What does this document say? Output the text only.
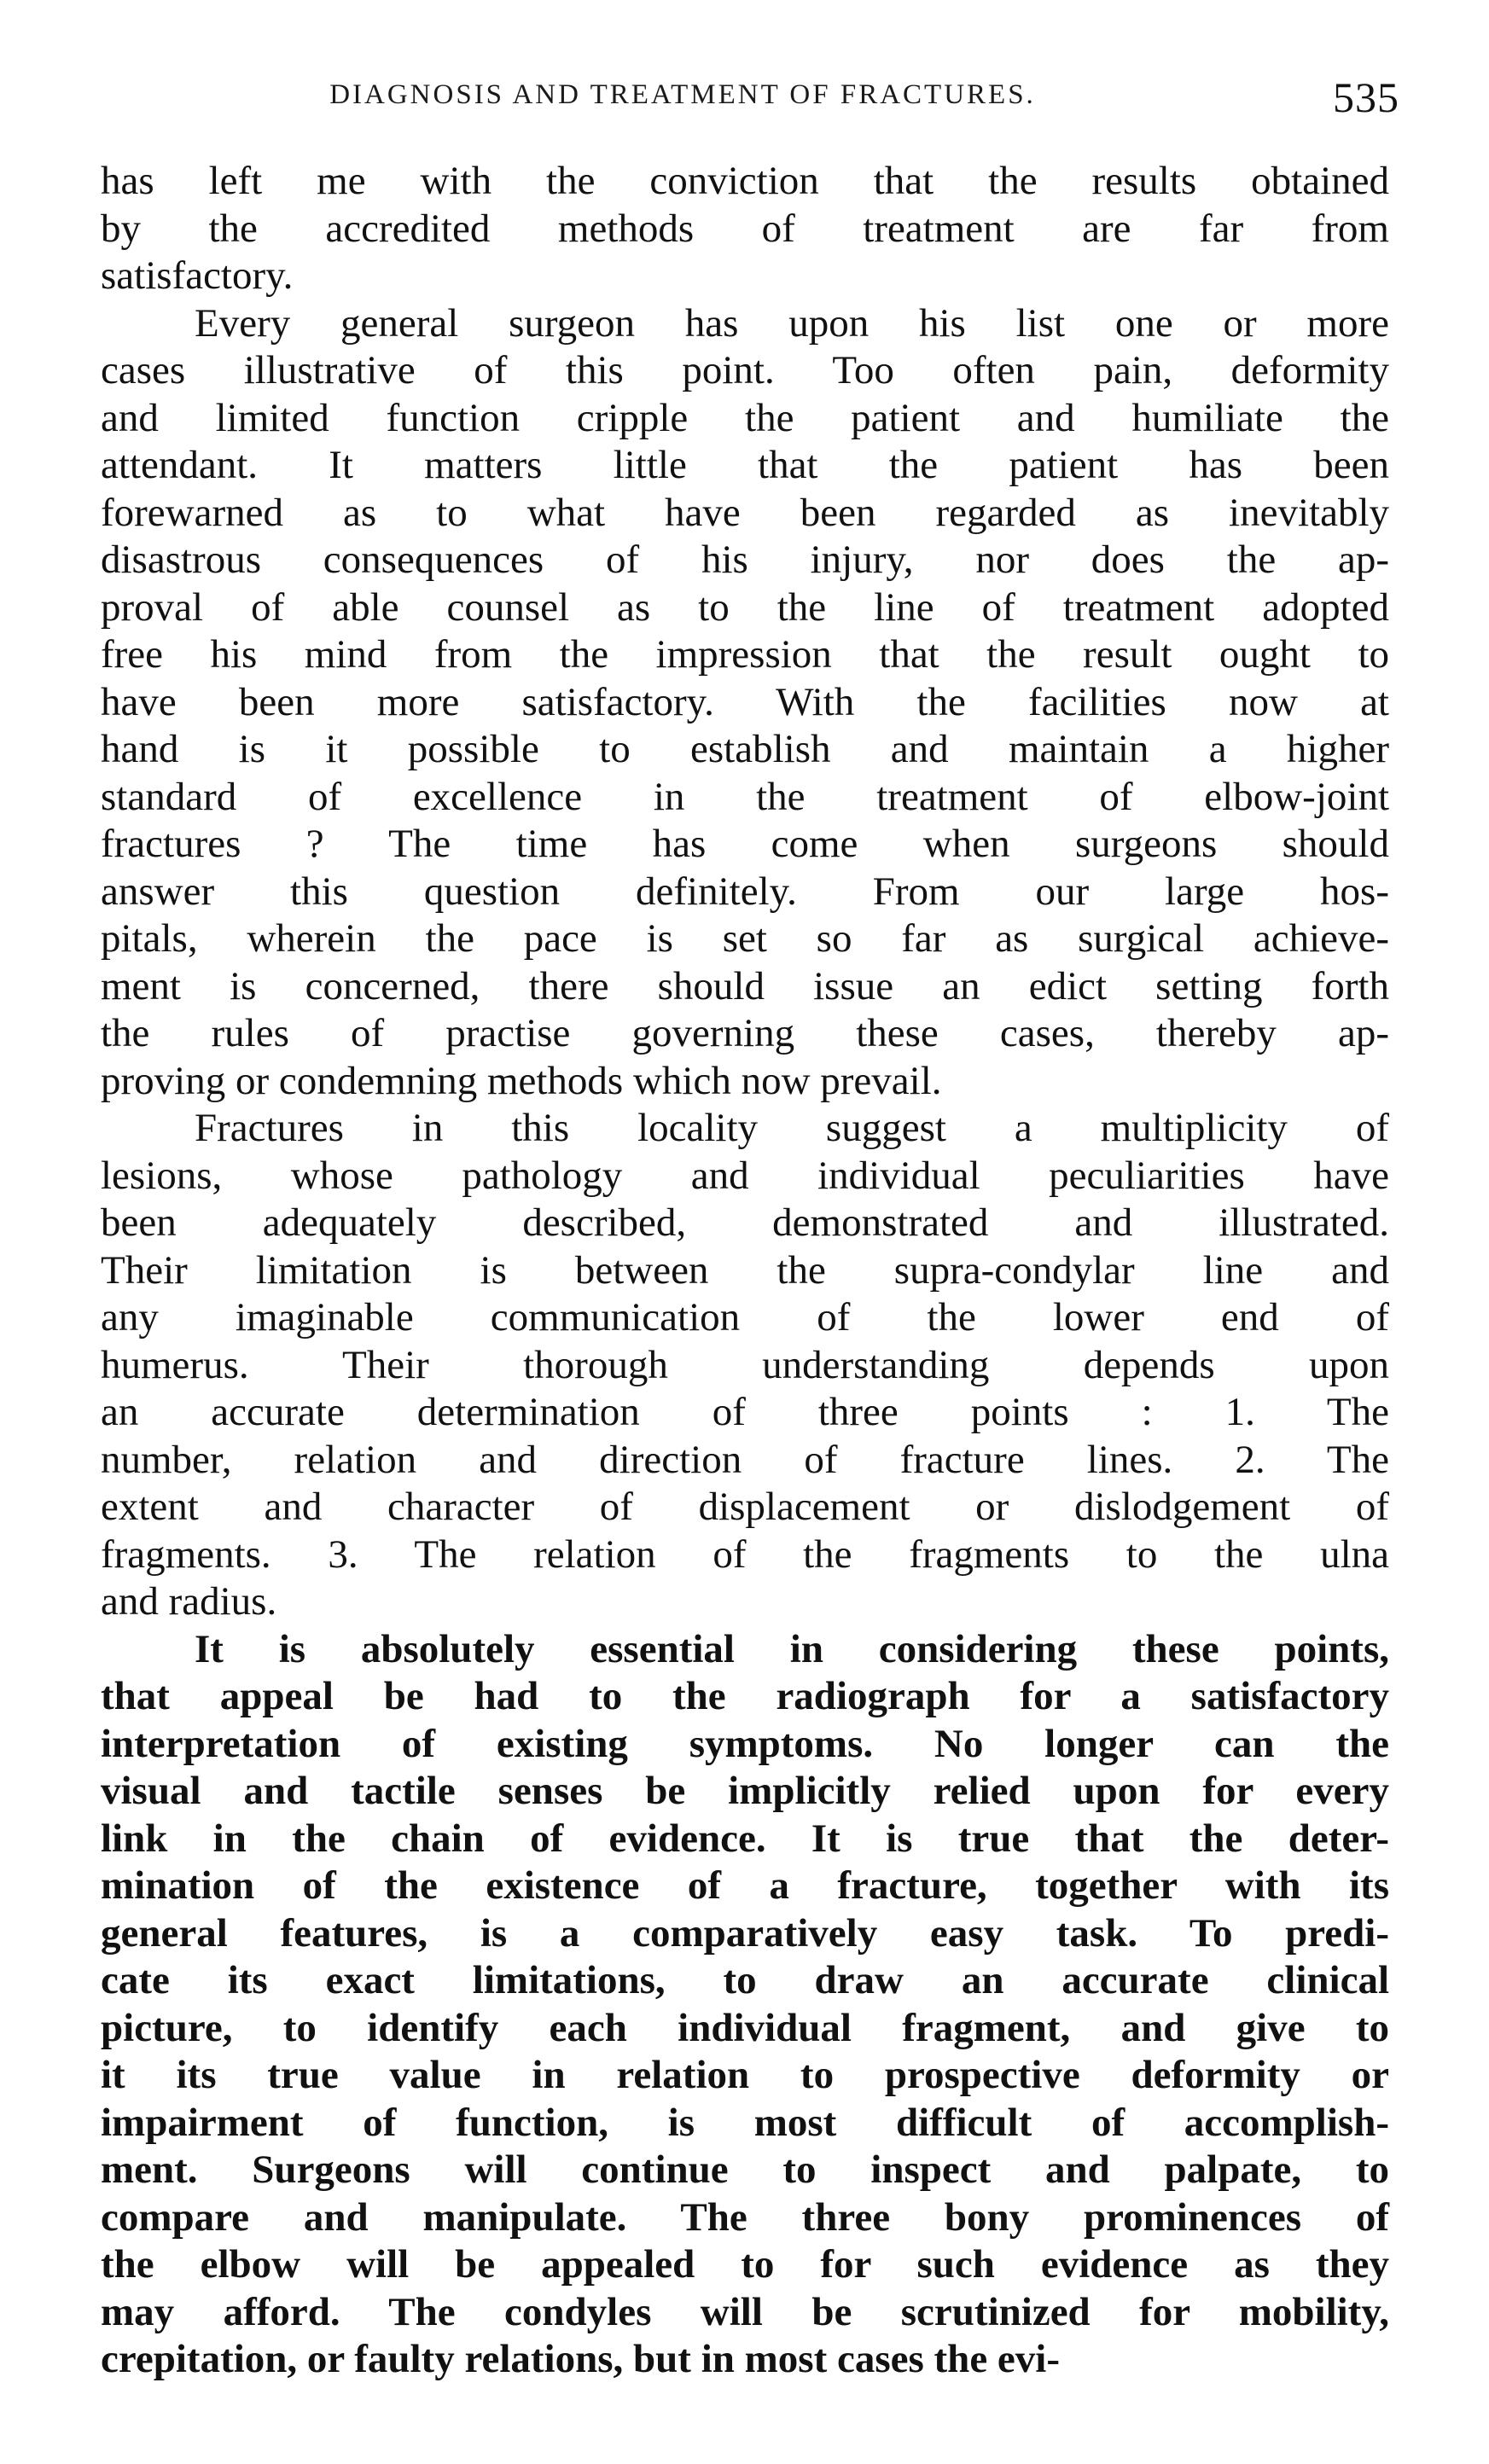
DIAGNOSIS AND TREATMENT OF FRACTURES.	535
has left me with the conviction that the results obtained
by the accredited methods of treatment are far from
satisfactory.
Every general surgeon has upon his list one or more
cases illustrative of this point. Too often pain, deformity
and limited function cripple the patient and humiliate the
attendant. It matters little that the patient has been
forewarned as to what have been regarded as inevitably
disastrous consequences of his injury, nor does the ap-
proval of able counsel as to the line of treatment adopted
free his mind from the impression that the result ought to
have been more satisfactory. With the facilities now at
hand is it possible to establish and maintain a higher
standard of excellence in the treatment of elbow-joint
fractures ? The time has come when surgeons should
answer this question definitely. From our large hos-
pitals, wherein the pace is set so far as surgical achieve-
ment is concerned, there should issue an edict setting forth
the rules of practise governing these cases, thereby ap-
proving or condemning methods which now prevail.
Fractures in this locality suggest a multiplicity of
lesions, whose pathology and individual peculiarities have
been adequately described, demonstrated and illustrated.
Their limitation is between the supra-condylar line and
any imaginable communication of the lower end of
humerus. Their thorough understanding depends upon
an accurate determination of three points : 1. The
number, relation and direction of fracture lines. 2. The
extent and character of displacement or dislodgement of
fragments. 3. The relation of the fragments to the ulna
and radius.
It is absolutely essential in considering these points,
that appeal be had to the radiograph for a satisfactory
interpretation of existing symptoms. No longer can the
visual and tactile senses be implicitly relied upon for every
link in the chain of evidence. It is true that the deter-
mination of the existence of a fracture, together with its
general features, is a comparatively easy task. To predi-
cate its exact limitations, to draw an accurate clinical
picture, to identify each individual fragment, and give to
it its true value in relation to prospective deformity or
impairment of function, is most difficult of accomplish-
ment. Surgeons will continue to inspect and palpate, to
compare and manipulate. The three bony prominences of
the elbow will be appealed to for such evidence as they
may afford. The condyles will be scrutinized for mobility,
crepitation, or faulty relations, but in most cases the evi-
